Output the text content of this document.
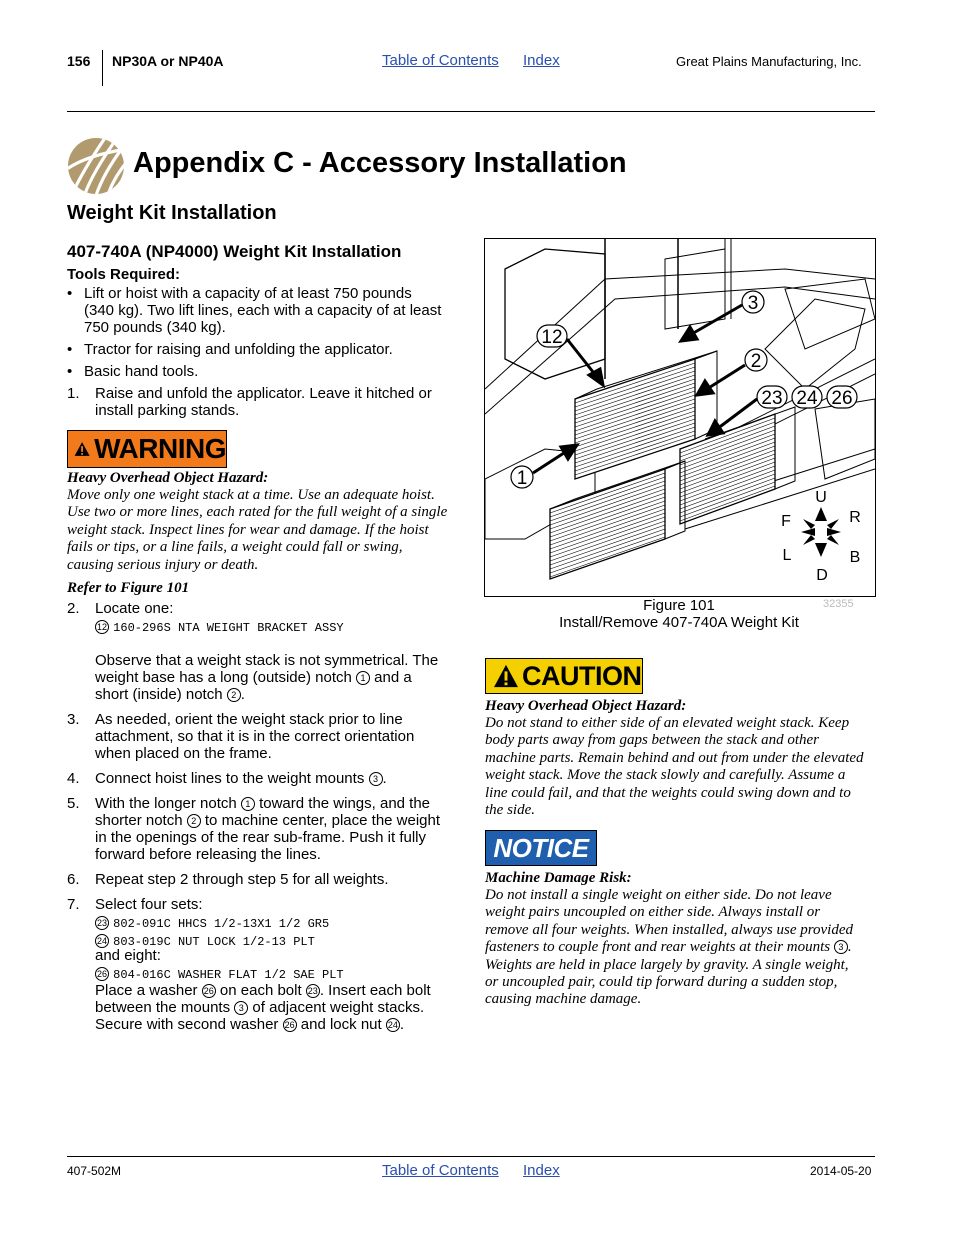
156 NP30A or NP40A	Table of Contents Index	Great Plains Manufacturing, Inc.
Appendix C - Accessory Installation
Weight Kit Installation
407-740A (NP4000) Weight Kit Installation
Tools Required:
• Lift or hoist with a capacity of at least 750 pounds
(340 kg). Two lift lines, each with a capacity of at least
750 pounds (340 kg).
• Tractor for raising and unfolding the applicator.
• Basic hand tools.
1. Raise and unfold the applicator. Leave it hitched or
install parking stands.
WARNING
Heavy Overhead Object Hazard:
Move only one weight stack at a time. Use an adequate hoist.
Use two or more lines, each rated for the full weight of a single
weight stack. Inspect lines for wear and damage. If the hoist
fails or tips, or a line fails, a weight could fall or swing,
causing serious injury or death.
Refer to Figure 101
2. Locate one:
12 160-296S NTA WEIGHT BRACKET ASSY
Observe that a weight stack is not symmetrical. The
weight base has a long (outside) notch 1 and a
short (inside) notch 2 .
3. As needed, orient the weight stack prior to line
attachment, so that it is in the correct orientation
when placed on the frame.
4. Connect hoist lines to the weight mounts 3 .
5. With the longer notch 1 toward the wings, and the
shorter notch 2 to machine center, place the weight
in the openings of the rear sub-frame. Push it fully
forward before releasing the lines.
6. Repeat step 2 through step 5 for all weights.
7. Select four sets:
23 802-091C HHCS 1/2-13X1 1/2 GR5
24 803-019C NUT LOCK 1/2-13 PLT
and eight:
26 804-016C WASHER FLAT 1/2 SAE PLT
Place a washer 26 on each bolt 23 . Insert each bolt
between the mounts 3 of adjacent weight stacks.
Secure with second washer 26 and lock nut 24 .
12
3
2
23 24 26
1
U
D
F	R
L	B
32355
Figure 101
Install/Remove 407-740A Weight Kit
CAUTION
Heavy Overhead Object Hazard:
Do not stand to either side of an elevated weight stack. Keep
body parts away from gaps between the stack and other
machine parts. Remain behind and out from under the elevated
weight stack. Move the stack slowly and carefully. Assume a
line could fail, and that the weights could swing down and to
the side.
NOTICE
Machine Damage Risk:
Do not install a single weight on either side. Do not leave
weight pairs uncoupled on either side. Always install or
remove all four weights. When installed, always use provided
fasteners to couple front and rear weights at their mounts 3 .
Weights are held in place largely by gravity. A single weight,
or uncoupled pair, could tip forward during a sudden stop,
causing machine damage.
407-502M	Table of Contents Index	2014-05-20
